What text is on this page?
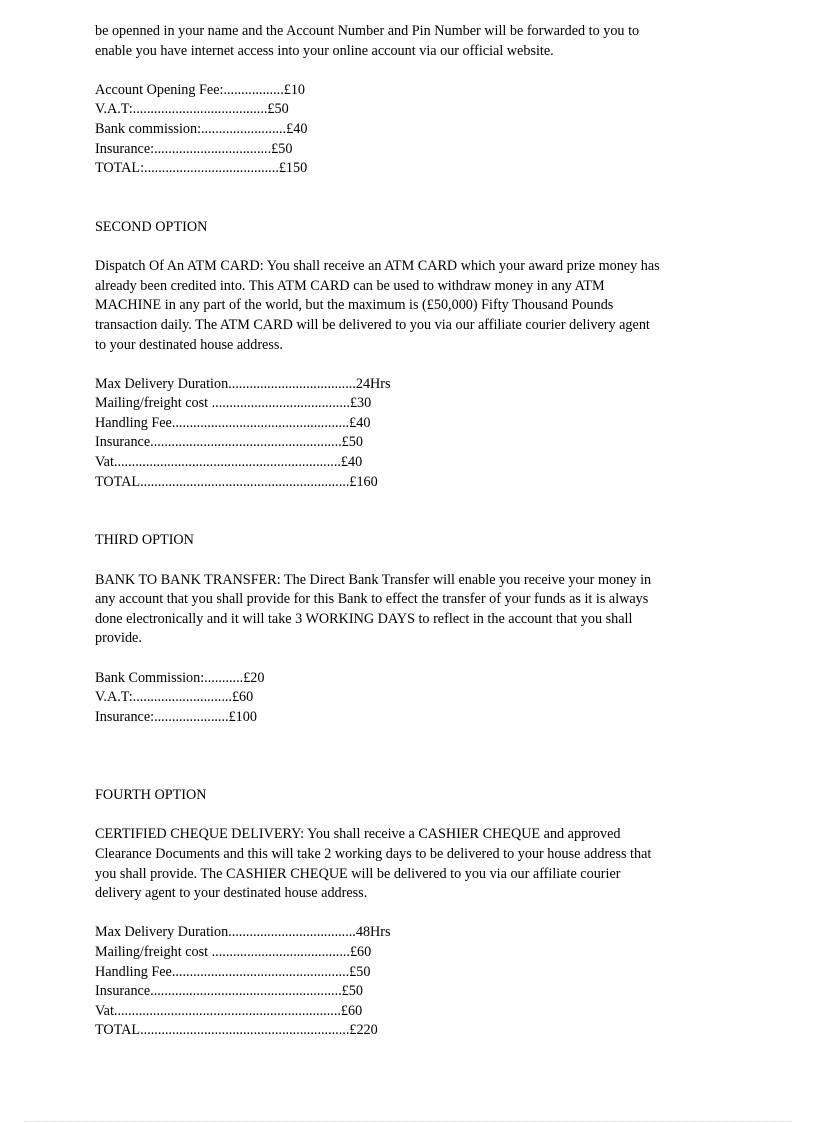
be openned in your name and the Account Number and Pin Number will be forwarded to you to
enable you have internet access into your online account via our official website.
Account Opening Fee:.................£10
V.A.T:......................................£50
Bank commission:........................£40
Insurance:.................................£50
TOTAL:......................................£150
SECOND OPTION
Dispatch Of An ATM CARD: You shall receive an ATM CARD which your award prize money has
already been credited into. This ATM CARD can be used to withdraw money in any ATM
MACHINE in any part of the world, but the maximum is (£50,000) Fifty Thousand Pounds
transaction daily. The ATM CARD will be delivered to you via our affiliate courier delivery agent
to your destinated house address.
Max Delivery Duration....................................24Hrs
Mailing/freight cost .......................................£30
Handling Fee..................................................£40
Insurance......................................................£50
Vat................................................................£40
TOTAL...........................................................£160
THIRD OPTION
BANK TO BANK TRANSFER: The Direct Bank Transfer will enable you receive your money in
any account that you shall provide for this Bank to effect the transfer of your funds as it is always
done electronically and it will take 3 WORKING DAYS to reflect in the account that you shall
provide.
Bank Commission:...........£20
V.A.T:............................£60
Insurance:.....................£100
FOURTH OPTION
CERTIFIED CHEQUE DELIVERY: You shall receive a CASHIER CHEQUE and approved
Clearance Documents and this will take 2 working days to be delivered to your house address that
you shall provide. The CASHIER CHEQUE will be delivered to you via our affiliate courier
delivery agent to your destinated house address.
Max Delivery Duration....................................48Hrs
Mailing/freight cost .......................................£60
Handling Fee..................................................£50
Insurance......................................................£50
Vat................................................................£60
TOTAL...........................................................£220
